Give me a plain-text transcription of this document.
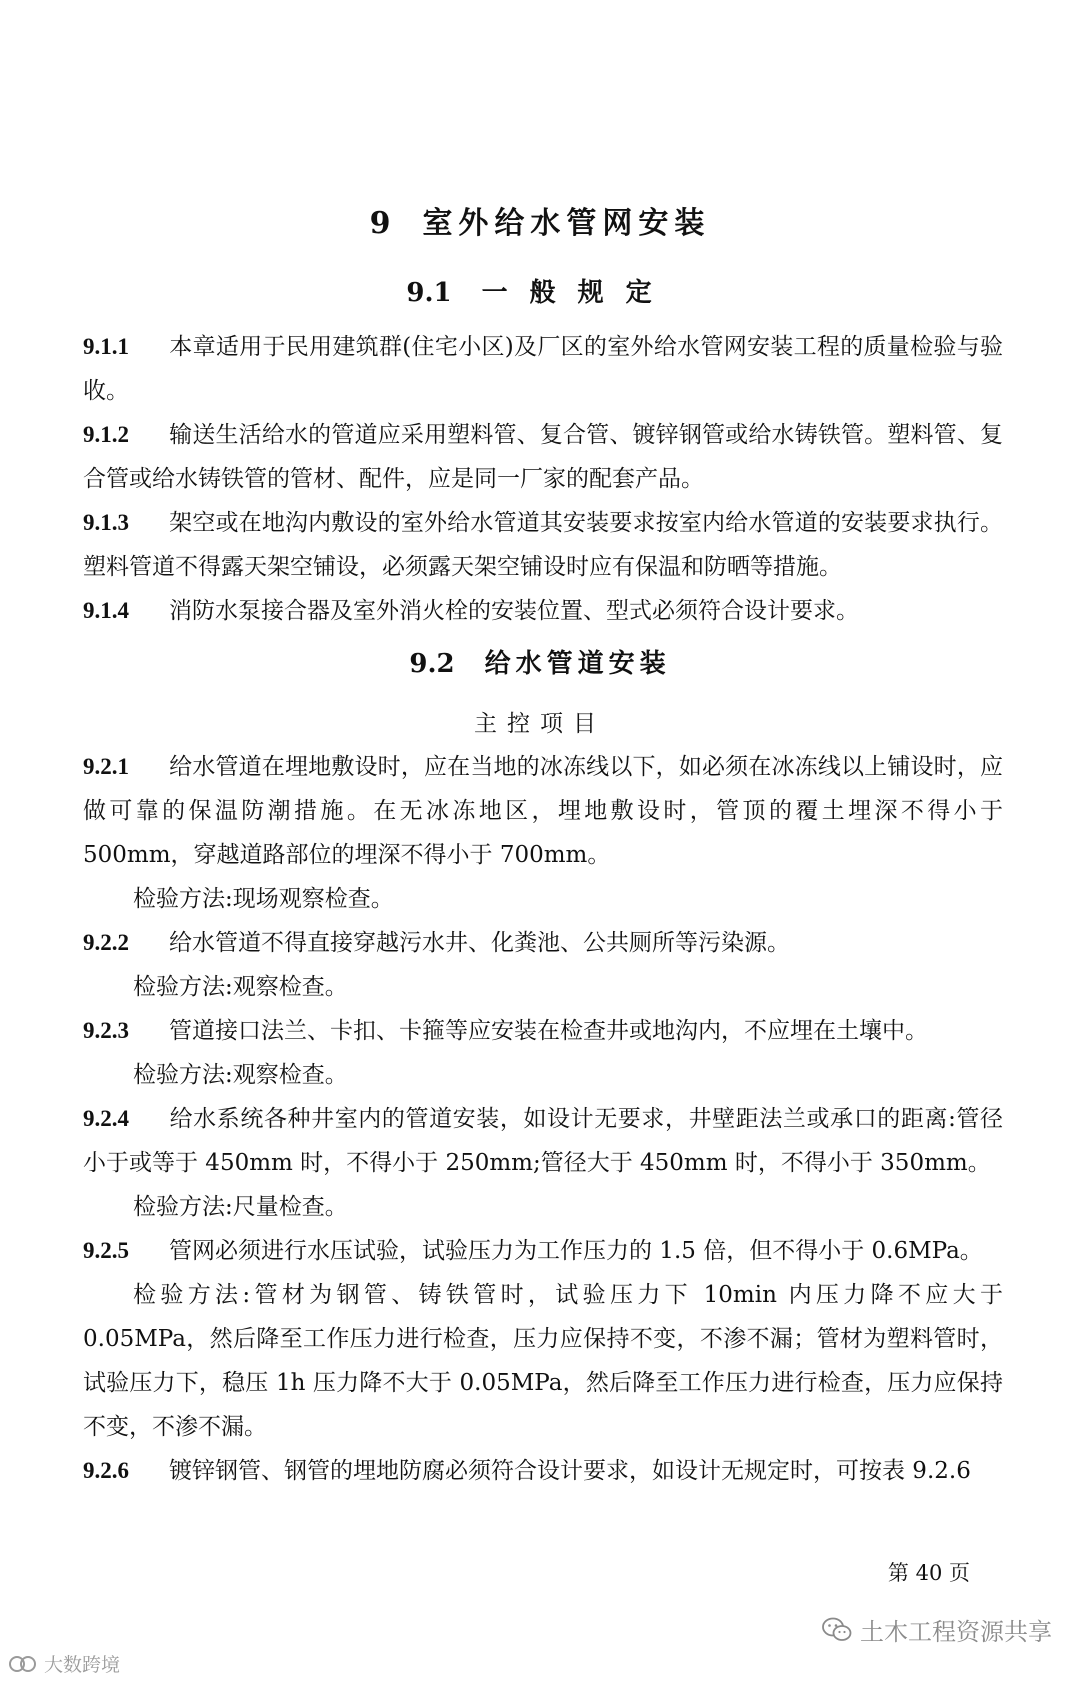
9 室外给水管网安装
9.1 一般规定

9.1.1 本章适用于民用建筑群(住宅小区)及厂区的室外给水管网安装工程的质量检验与验收。

9.1.2 输送生活给水的管道应采用塑料管、复合管、镀锌钢管或给水铸铁管。塑料管、复合管或给水铸铁管的管材、配件，应是同一厂家的配套产品。

9.1.3 架空或在地沟内敷设的室外给水管道其安装要求按室内给水管道的安装要求执行。塑料管道不得露天架空铺设，必须露天架空铺设时应有保温和防晒等措施。

9.1.4 消防水泵接合器及室外消火栓的安装位置、型式必须符合设计要求。

9.2 给水管道安装
主控项目

9.2.1 给水管道在埋地敷设时，应在当地的冰冻线以下，如必须在冰冻线以上铺设时，应做可靠的保温防潮措施。在无冰冻地区，埋地敷设时，管顶的覆土埋深不得小于 500mm，穿越道路部位的埋深不得小于 700mm。

检验方法:现场观察检查。

9.2.2 给水管道不得直接穿越污水井、化粪池、公共厕所等污染源。

检验方法:观察检查。

9.2.3 管道接口法兰、卡扣、卡箍等应安装在检查井或地沟内，不应埋在土壤中。

检验方法:观察检查。

9.2.4 给水系统各种井室内的管道安装，如设计无要求，井壁距法兰或承口的距离:管径小于或等于 450mm 时，不得小于 250mm;管径大于 450mm 时，不得小于 350mm。

检验方法:尺量检查。

9.2.5 管网必须进行水压试验，试验压力为工作压力的 1.5 倍，但不得小于 0.6MPa。

检验方法:管材为钢管、铸铁管时，试验压力下 10min 内压力降不应大于 0.05MPa，然后降至工作压力进行检查，压力应保持不变，不渗不漏；管材为塑料管时，试验压力下，稳压 1h 压力降不大于 0.05MPa，然后降至工作压力进行检查，压力应保持不变，不渗不漏。

9.2.6 镀锌钢管、钢管的埋地防腐必须符合设计要求，如设计无规定时，可按表 9.2.6

第 40 页
土木工程资源共享
大数跨境
